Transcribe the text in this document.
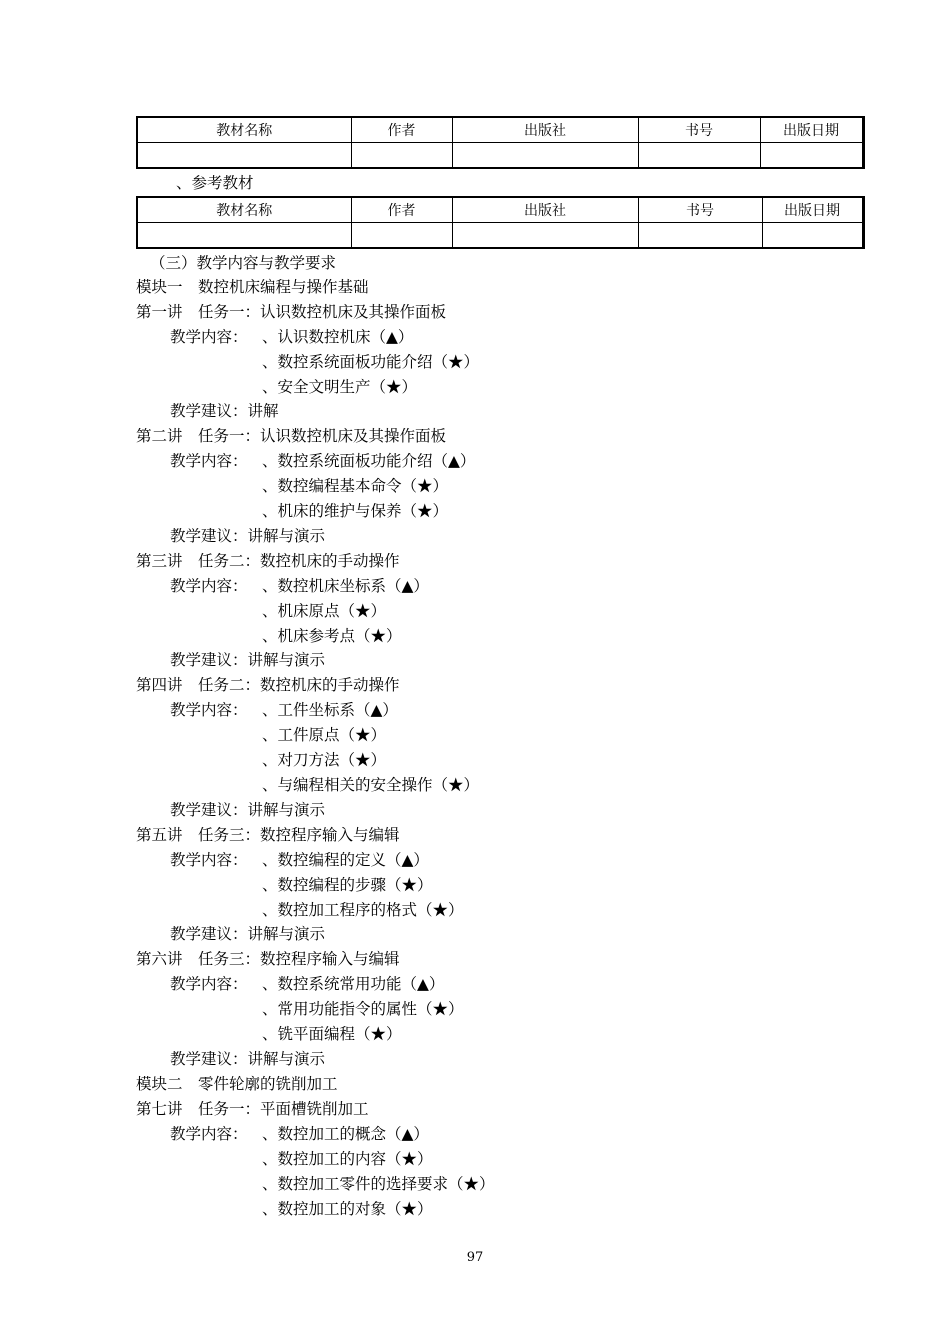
教材名称	作者	出版社	书号	出版日期

、参考教材
教材名称	作者	出版社	书号	出版日期

（三）教学内容与教学要求
模块一　数控机床编程与操作基础
第一讲　任务一：认识数控机床及其操作面板
教学内容： 、认识数控机床（▲）
、数控系统面板功能介绍（★）
、安全文明生产（★）
教学建议：讲解
第二讲　任务一：认识数控机床及其操作面板
教学内容： 、数控系统面板功能介绍（▲）
、数控编程基本命令（★）
、机床的维护与保养（★）
教学建议：讲解与演示
第三讲　任务二：数控机床的手动操作
教学内容： 、数控机床坐标系（▲）
、机床原点（★）
、机床参考点（★）
教学建议：讲解与演示
第四讲　任务二：数控机床的手动操作
教学内容： 、工件坐标系（▲）
、工件原点（★）
、对刀方法（★）
、与编程相关的安全操作（★）
教学建议：讲解与演示
第五讲　任务三：数控程序输入与编辑
教学内容： 、数控编程的定义（▲）
、数控编程的步骤（★）
、数控加工程序的格式（★）
教学建议：讲解与演示
第六讲　任务三：数控程序输入与编辑
教学内容： 、数控系统常用功能（▲）
、常用功能指令的属性（★）
、铣平面编程（★）
教学建议：讲解与演示
模块二　零件轮廓的铣削加工
第七讲　任务一：平面槽铣削加工
教学内容： 、数控加工的概念（▲）
、数控加工的内容（★）
、数控加工零件的选择要求（★）
、数控加工的对象（★）
97
